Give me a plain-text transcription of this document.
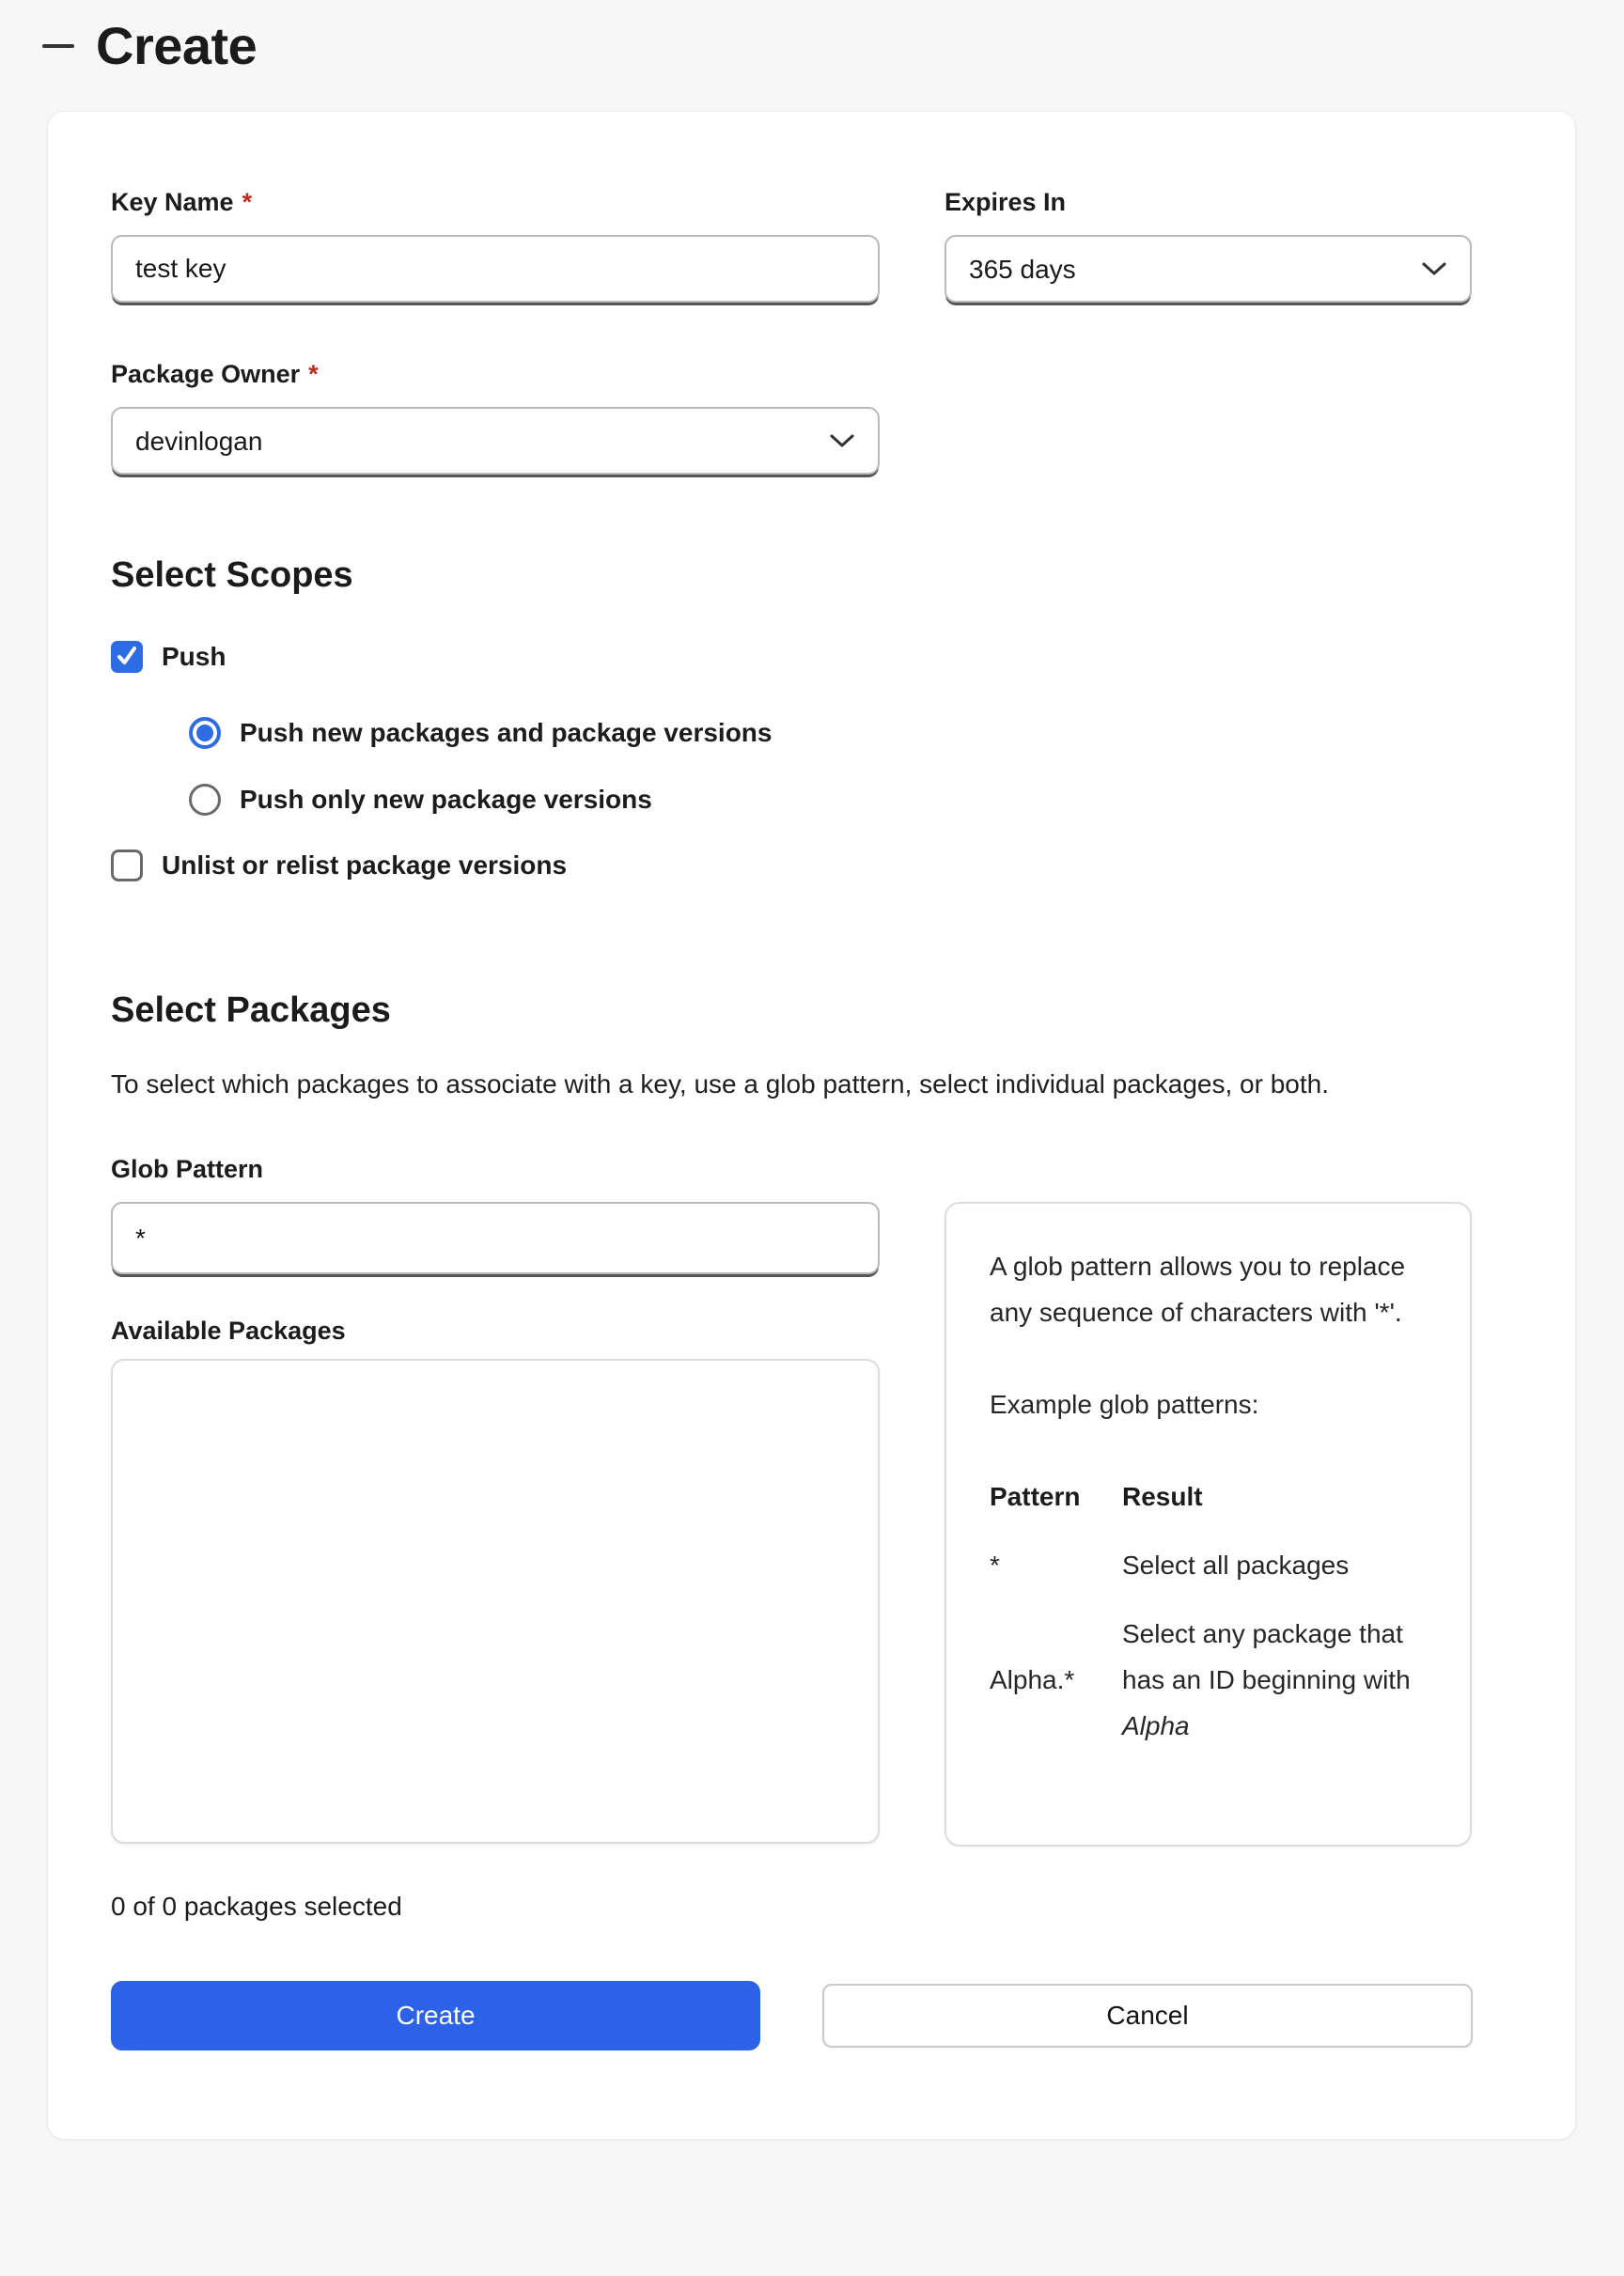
Create
Key Name *
test key	Expires In
365 days
Package Owner *
devinlogan
Select Scopes
Push
Push new packages and package versions
Push only new package versions
Unlist or relist package versions
Select Packages

To select which packages to associate with a key, use a glob pattern, select individual packages, or both.

Glob Pattern
*
Available Packages

A glob pattern allows you to replace any sequence of characters with '*'.

Example glob patterns:

Pattern	Result
*	Select all packages
Alpha.*	Select any package that has an ID beginning with Alpha

0 of 0 packages selected

Create	Cancel
